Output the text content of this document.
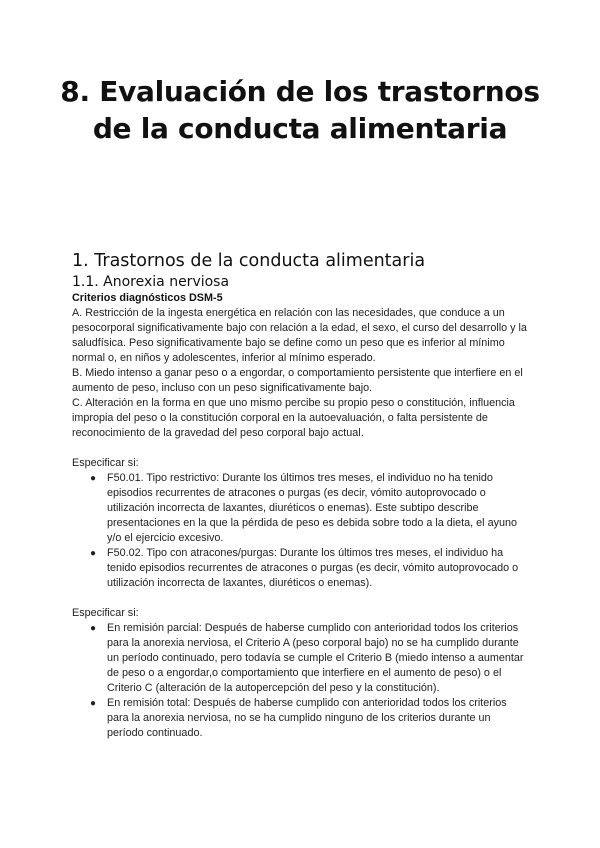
8. Evaluación de los trastornos
de la conducta alimentaria
1. Trastornos de la conducta alimentaria
1.1. Anorexia nerviosa

Criterios diagnósticos DSM-5

A. Restricción de la ingesta energética en relación con las necesidades, que conduce a un pesocorporal significativamente bajo con relación a la edad, el sexo, el curso del desarrollo y la saludfísica. Peso significativamente bajo se define como un peso que es inferior al mínimo normal o, en niños y adolescentes, inferior al mínimo esperado.

B. Miedo intenso a ganar peso o a engordar, o comportamiento persistente que interfiere en el aumento de peso, incluso con un peso significativamente bajo.

C. Alteración en la forma en que uno mismo percibe su propio peso o constitución, influencia impropia del peso o la constitución corporal en la autoevaluación, o falta persistente de reconocimiento de la gravedad del peso corporal bajo actual.

Especificar si:

● F50.01. Tipo restrictivo: Durante los últimos tres meses, el individuo no ha tenido episodios recurrentes de atracones o purgas (es decir, vómito autoprovocado o utilización incorrecta de laxantes, diuréticos o enemas). Este subtipo describe presentaciones en la que la pérdida de peso es debida sobre todo a la dieta, el ayuno y/o el ejercicio excesivo.
● F50.02. Tipo con atracones/purgas: Durante los últimos tres meses, el individuo ha tenido episodios recurrentes de atracones o purgas (es decir, vómito autoprovocado o utilización incorrecta de laxantes, diuréticos o enemas).

Especificar si:

● En remisión parcial: Después de haberse cumplido con anterioridad todos los criterios para la anorexia nerviosa, el Criterio A (peso corporal bajo) no se ha cumplido durante un período continuado, pero todavía se cumple el Criterio B (miedo intenso a aumentar de peso o a engordar,o comportamiento que interfiere en el aumento de peso) o el Criterio C (alteración de la autopercepción del peso y la constitución).
● En remisión total: Después de haberse cumplido con anterioridad todos los criterios para la anorexia nerviosa, no se ha cumplido ninguno de los criterios durante un período continuado.
